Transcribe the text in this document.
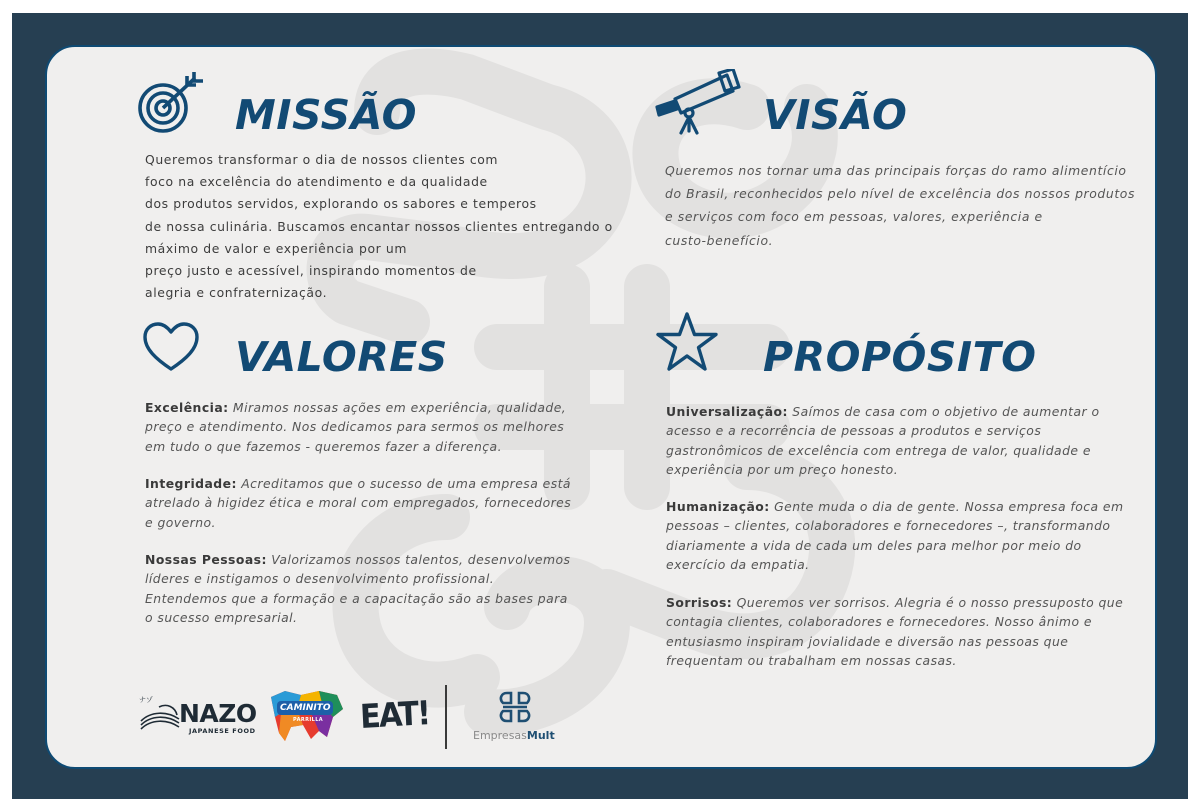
MISSÃO
Queremos transformar o dia de nossos clientes com
foco na excelência do atendimento e da qualidade
dos produtos servidos, explorando os sabores e temperos
de nossa culinária. Buscamos encantar nossos clientes entregando o
máximo de valor e experiência por um
preço justo e acessível, inspirando momentos de
alegria e confraternização.
VISÃO
Queremos nos tornar uma das principais forças do ramo alimentício
do Brasil, reconhecidos pelo nível de excelência dos nossos produtos
e serviços com foco em pessoas, valores, experiência e
custo-benefício.
VALORES
Excelência: Miramos nossas ações em experiência, qualidade,
preço e atendimento. Nos dedicamos para sermos os melhores
em tudo o que fazemos - queremos fazer a diferença.
Integridade: Acreditamos que o sucesso de uma empresa está
atrelado à higidez ética e moral com empregados, fornecedores
e governo.
Nossas Pessoas: Valorizamos nossos talentos, desenvolvemos
líderes e instigamos o desenvolvimento profissional.
Entendemos que a formação e a capacitação são as bases para
o sucesso empresarial.
PROPÓSITO
Universalização: Saímos de casa com o objetivo de aumentar o
acesso e a recorrência de pessoas a produtos e serviços
gastronômicos de excelência com entrega de valor, qualidade e
experiência por um preço honesto.
Humanização: Gente muda o dia de gente. Nossa empresa foca em
pessoas – clientes, colaboradores e fornecedores –, transformando
diariamente a vida de cada um deles para melhor por meio do
exercício da empatia.
Sorrisos: Queremos ver sorrisos. Alegria é o nosso pressuposto que
contagia clientes, colaboradores e fornecedores. Nosso ânimo e
entusiasmo inspiram jovialidade e diversão nas pessoas que
frequentam ou trabalham em nossas casas.
ナゾ NAZO
JAPANESE FOOD
CAMINITO
PARRILLA EAT!	EmpresasMult
